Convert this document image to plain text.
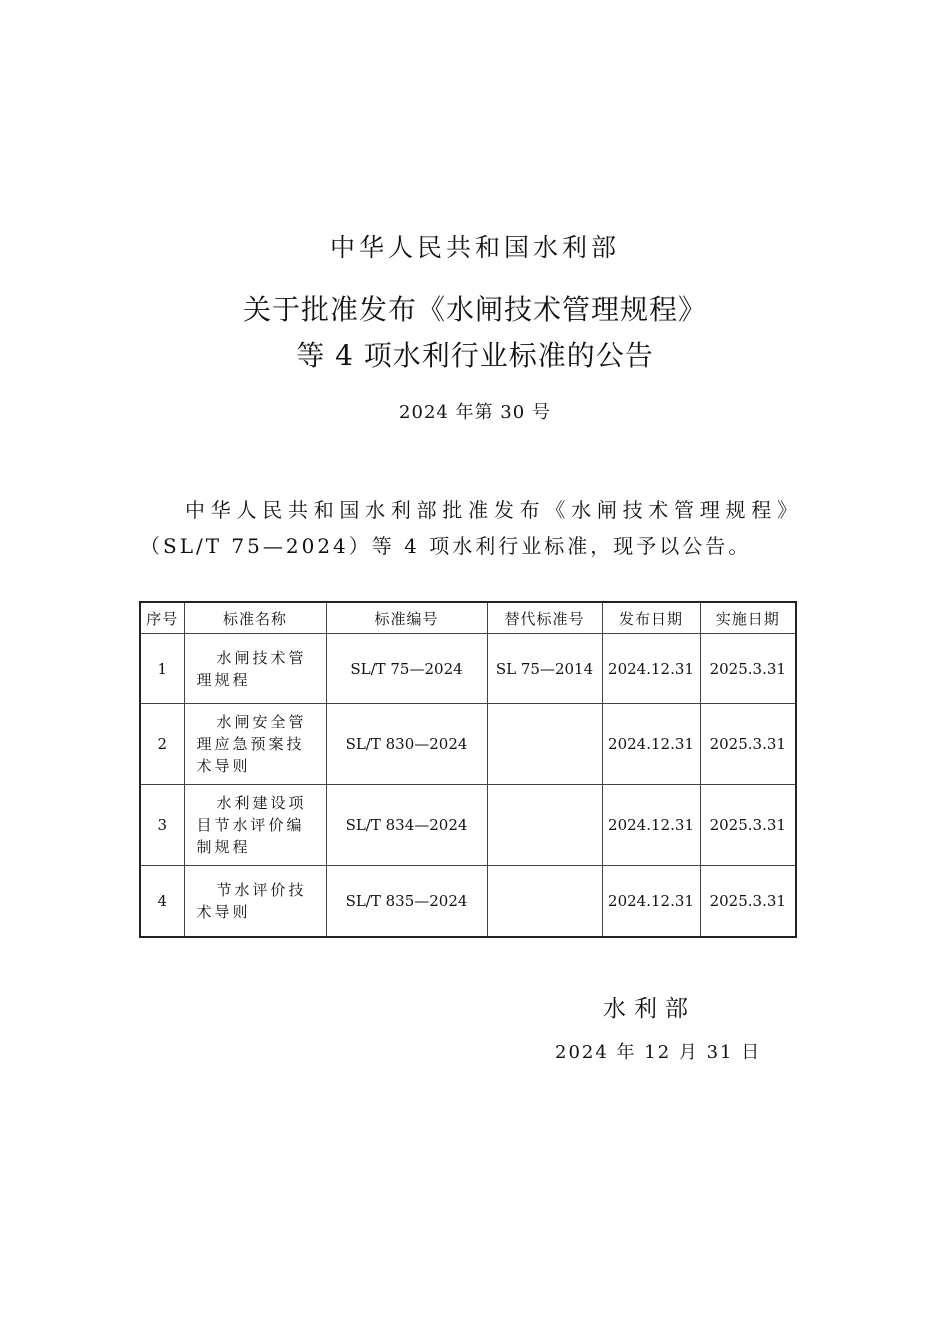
中华人民共和国水利部
关于批准发布《水闸技术管理规程》
等 4 项水利行业标准的公告
2024 年第 30 号

中华人民共和国水利部批准发布《水闸技术管理规程》（SL/T 75—2024）等 4 项水利行业标准，现予以公告。

序号	标准名称	标准编号	替代标准号	发布日期	实施日期
1	水闸技术管理规程	SL/T 75—2024	SL 75—2014	2024.12.31	2025.3.31
2	水闸安全管理应急预案技术导则	SL/T 830—2024		2024.12.31	2025.3.31
3	水利建设项目节水评价编制规程	SL/T 834—2024		2024.12.31	2025.3.31
4	节水评价技术导则	SL/T 835—2024		2024.12.31	2025.3.31
水利部
2024 年 12 月 31 日
